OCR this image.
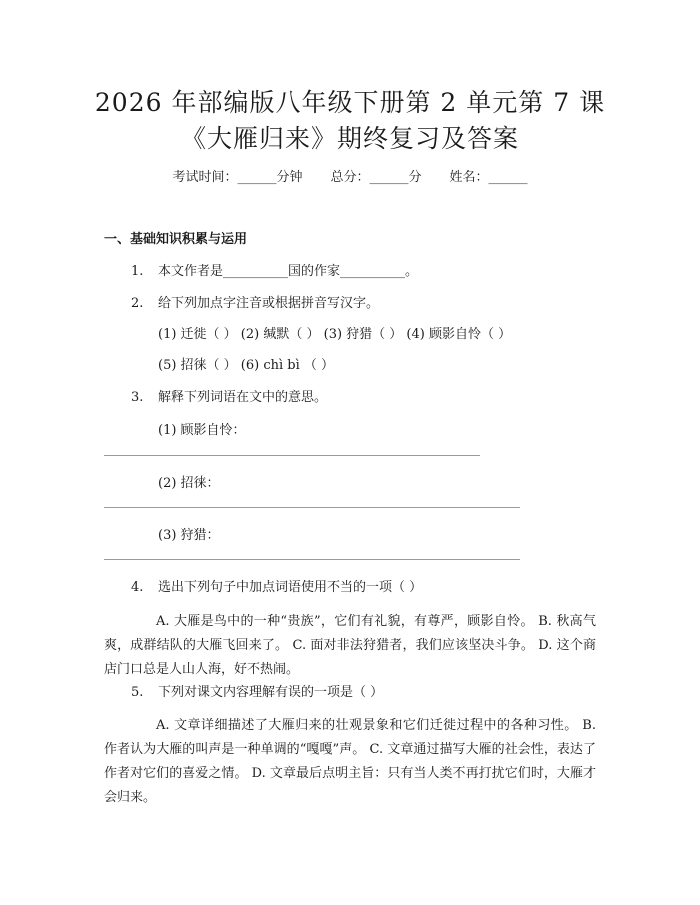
2026 年部编版八年级下册第 2 单元第 7 课
《大雁归来》期终复习及答案
考试时间：______分钟 总分：______分 姓名：______
一、基础知识积累与运用
1. 本文作者是__________国的作家__________。
2. 给下列加点字注音或根据拼音写汉字。
(1) 迁徙（ ） (2) 缄默（ ） (3) 狩猎（ ） (4) 顾影自怜（ ）
(5) 招徕（ ） (6) chì bì （ ）
3. 解释下列词语在文中的意思。
(1) 顾影自怜：
(2) 招徕：
(3) 狩猎：
4. 选出下列句子中加点词语使用不当的一项（ ）
A. 大雁是鸟中的一种“贵族”，它们有礼貌，有尊严，顾影自怜。 B. 秋高气爽，成群结队的大雁飞回来了。 C. 面对非法狩猎者，我们应该坚决斗争。 D. 这个商店门口总是人山人海，好不热闹。
5. 下列对课文内容理解有误的一项是（ ）
A. 文章详细描述了大雁归来的壮观景象和它们迁徙过程中的各种习性。 B. 作者认为大雁的叫声是一种单调的“嘎嘎”声。 C. 文章通过描写大雁的社会性，表达了作者对它们的喜爱之情。 D. 文章最后点明主旨：只有当人类不再打扰它们时，大雁才会归来。
